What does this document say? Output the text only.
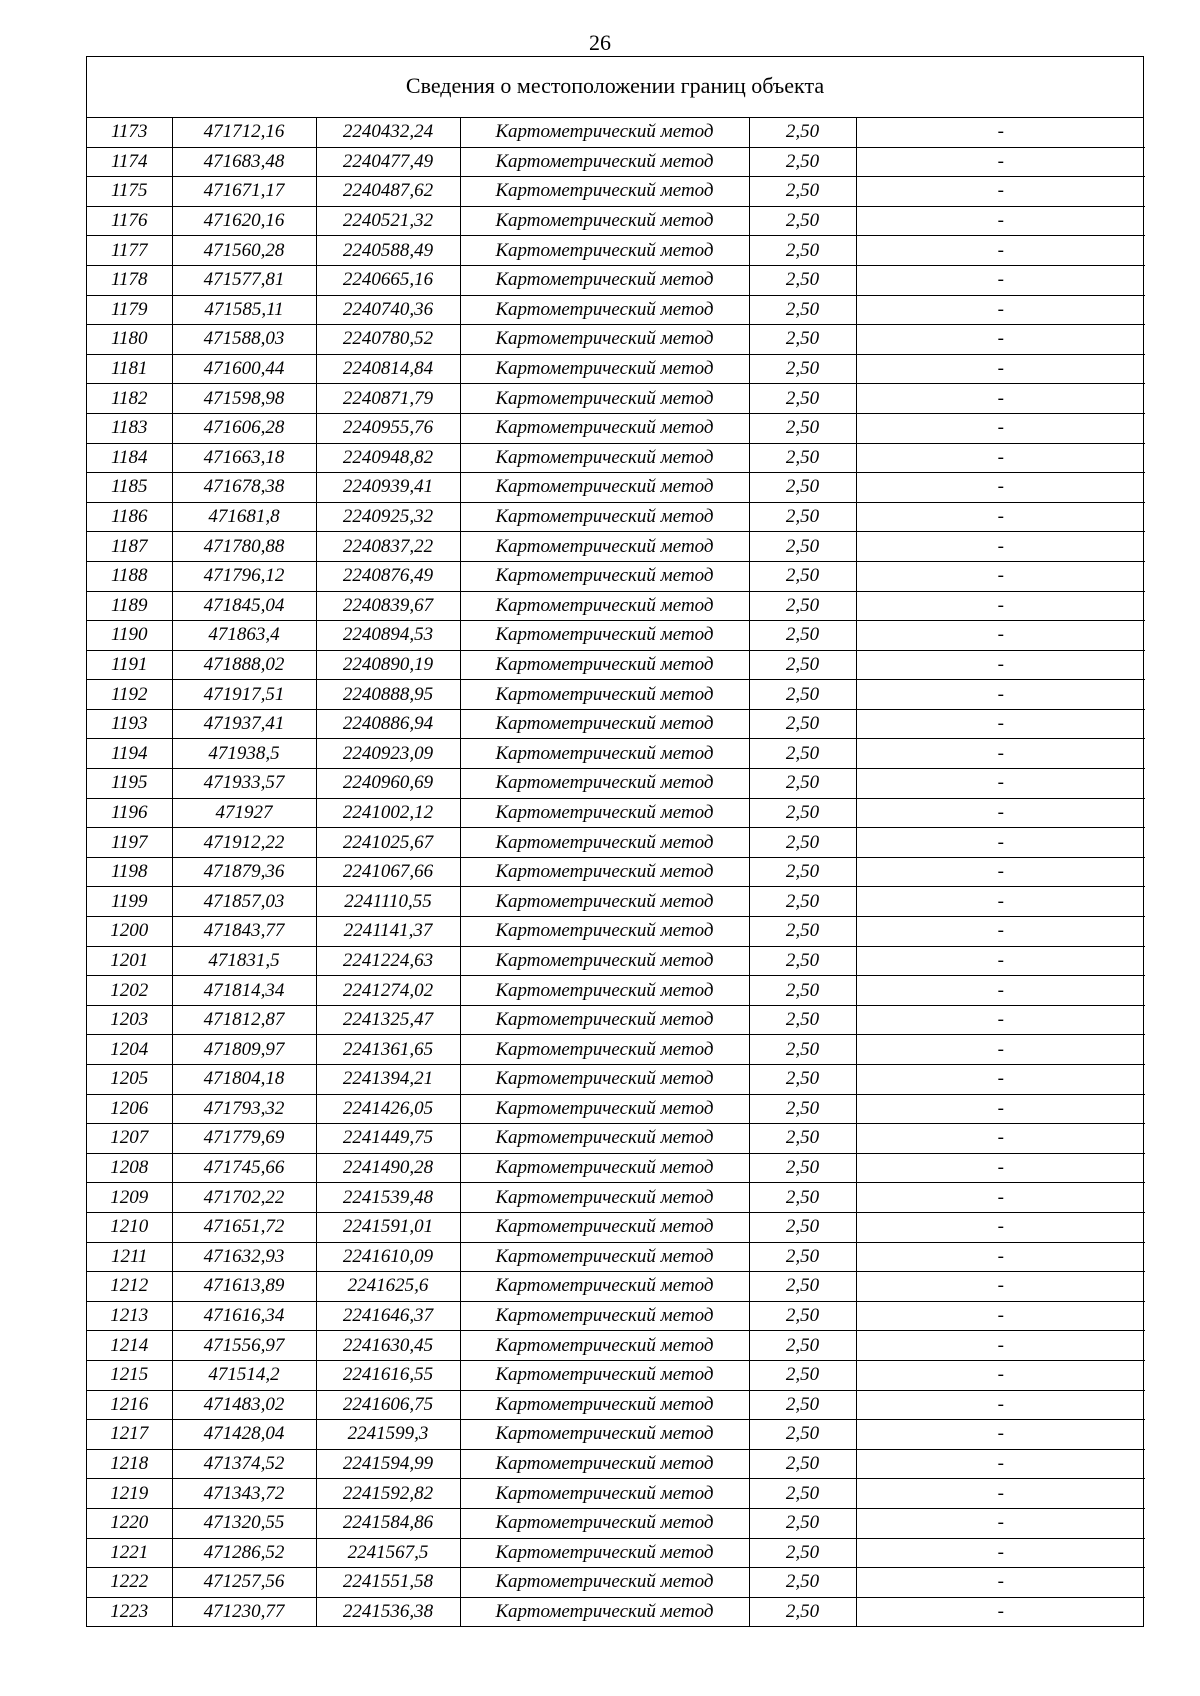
26
Сведения о местоположении границ объекта
1173	471712,16	2240432,24	Картометрический метод	2,50	-
1174	471683,48	2240477,49	Картометрический метод	2,50	-
1175	471671,17	2240487,62	Картометрический метод	2,50	-
1176	471620,16	2240521,32	Картометрический метод	2,50	-
1177	471560,28	2240588,49	Картометрический метод	2,50	-
1178	471577,81	2240665,16	Картометрический метод	2,50	-
1179	471585,11	2240740,36	Картометрический метод	2,50	-
1180	471588,03	2240780,52	Картометрический метод	2,50	-
1181	471600,44	2240814,84	Картометрический метод	2,50	-
1182	471598,98	2240871,79	Картометрический метод	2,50	-
1183	471606,28	2240955,76	Картометрический метод	2,50	-
1184	471663,18	2240948,82	Картометрический метод	2,50	-
1185	471678,38	2240939,41	Картометрический метод	2,50	-
1186	471681,8	2240925,32	Картометрический метод	2,50	-
1187	471780,88	2240837,22	Картометрический метод	2,50	-
1188	471796,12	2240876,49	Картометрический метод	2,50	-
1189	471845,04	2240839,67	Картометрический метод	2,50	-
1190	471863,4	2240894,53	Картометрический метод	2,50	-
1191	471888,02	2240890,19	Картометрический метод	2,50	-
1192	471917,51	2240888,95	Картометрический метод	2,50	-
1193	471937,41	2240886,94	Картометрический метод	2,50	-
1194	471938,5	2240923,09	Картометрический метод	2,50	-
1195	471933,57	2240960,69	Картометрический метод	2,50	-
1196	471927	2241002,12	Картометрический метод	2,50	-
1197	471912,22	2241025,67	Картометрический метод	2,50	-
1198	471879,36	2241067,66	Картометрический метод	2,50	-
1199	471857,03	2241110,55	Картометрический метод	2,50	-
1200	471843,77	2241141,37	Картометрический метод	2,50	-
1201	471831,5	2241224,63	Картометрический метод	2,50	-
1202	471814,34	2241274,02	Картометрический метод	2,50	-
1203	471812,87	2241325,47	Картометрический метод	2,50	-
1204	471809,97	2241361,65	Картометрический метод	2,50	-
1205	471804,18	2241394,21	Картометрический метод	2,50	-
1206	471793,32	2241426,05	Картометрический метод	2,50	-
1207	471779,69	2241449,75	Картометрический метод	2,50	-
1208	471745,66	2241490,28	Картометрический метод	2,50	-
1209	471702,22	2241539,48	Картометрический метод	2,50	-
1210	471651,72	2241591,01	Картометрический метод	2,50	-
1211	471632,93	2241610,09	Картометрический метод	2,50	-
1212	471613,89	2241625,6	Картометрический метод	2,50	-
1213	471616,34	2241646,37	Картометрический метод	2,50	-
1214	471556,97	2241630,45	Картометрический метод	2,50	-
1215	471514,2	2241616,55	Картометрический метод	2,50	-
1216	471483,02	2241606,75	Картометрический метод	2,50	-
1217	471428,04	2241599,3	Картометрический метод	2,50	-
1218	471374,52	2241594,99	Картометрический метод	2,50	-
1219	471343,72	2241592,82	Картометрический метод	2,50	-
1220	471320,55	2241584,86	Картометрический метод	2,50	-
1221	471286,52	2241567,5	Картометрический метод	2,50	-
1222	471257,56	2241551,58	Картометрический метод	2,50	-
1223	471230,77	2241536,38	Картометрический метод	2,50	-
